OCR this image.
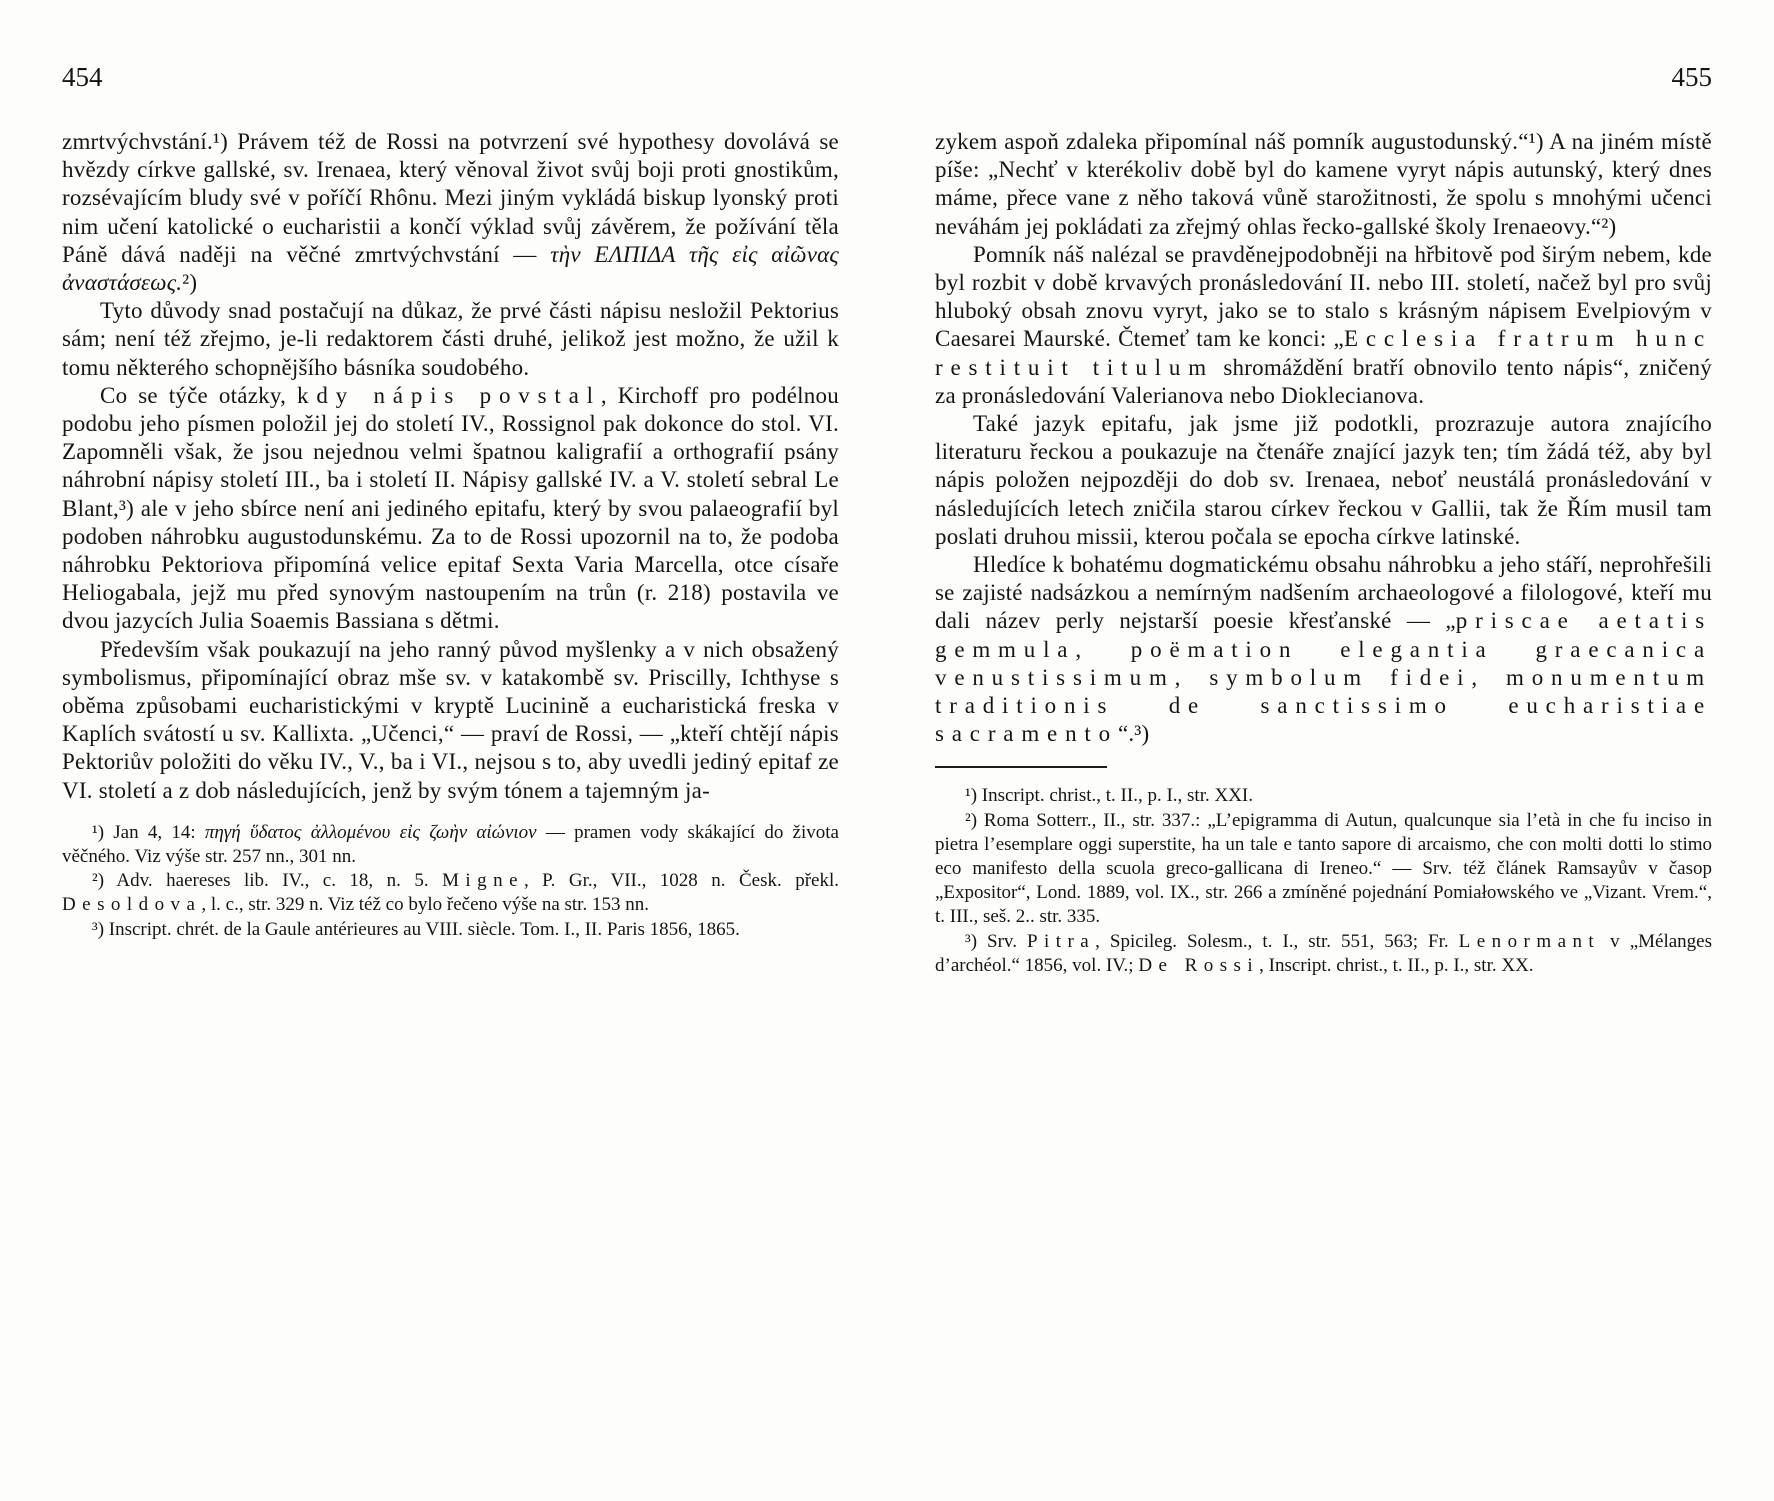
454	455

zmrtvýchvstání.¹) Právem též de Rossi na potvrzení své hypothesy dovolává se hvězdy církve gallské, sv. Irenaea, který věnoval život svůj boji proti gnostikům, rozsévajícím bludy své v poříčí Rhônu. Mezi jiným vykládá biskup lyonský proti nim učení katolické o eucharistii a končí výklad svůj závěrem, že požívání těla Páně dává naději na věčné zmrtvýchvstání — τὴν ΕΛΠΙΔΑ τῆς εἰς αἰῶνας ἀναστάσεως.²)

Tyto důvody snad postačují na důkaz, že prvé části nápisu nesložil Pektorius sám; není též zřejmo, je-li redaktorem části druhé, jelikož jest možno, že užil k tomu některého schopnějšího básníka soudobého.

Co se týče otázky, kdy nápis povstal, Kirchoff pro podélnou podobu jeho písmen položil jej do století IV., Rossignol pak dokonce do stol. VI. Zapomněli však, že jsou nejednou velmi špatnou kaligrafií a orthografií psány náhrobní nápisy století III., ba i století II. Nápisy gallské IV. a V. století sebral Le Blant,³) ale v jeho sbírce není ani jediného epitafu, který by svou palaeografií byl podoben náhrobku augustodunskému. Za to de Rossi upozornil na to, že podoba náhrobku Pektoriova připomíná velice epitaf Sexta Varia Marcella, otce císaře Heliogabala, jejž mu před synovým nastoupením na trůn (r. 218) postavila ve dvou jazycích Julia Soaemis Bassiana s dětmi.

Především však poukazují na jeho ranný původ myšlenky a v nich obsažený symbolismus, připomínající obraz mše sv. v katakombě sv. Priscilly, Ichthyse s oběma způsobami eucharistickými v kryptě Lucinině a eucharistická freska v Kaplích svátostí u sv. Kallixta. „Učenci,“ — praví de Rossi, — „kteří chtějí nápis Pektoriův položiti do věku IV., V., ba i VI., nejsou s to, aby uvedli jediný epitaf ze VI. století a z dob následujících, jenž by svým tónem a tajemným ja-

¹) Jan 4, 14: πηγή ὕδατος ἀλλομένου εἰς ζωὴν αἰώνιον — pramen vody skákající do života věčného. Viz výše str. 257 nn., 301 nn.

²) Adv. haereses lib. IV., c. 18, n. 5. Migne, P. Gr., VII., 1028 n. Česk. překl. Desoldova, l. c., str. 329 n. Viz též co bylo řečeno výše na str. 153 nn.

³) Inscript. chrét. de la Gaule antérieures au VIII. siècle. Tom. I., II. Paris 1856, 1865.

zykem aspoň zdaleka připomínal náš pomník augustodunský.“¹) A na jiném místě píše: „Nechť v kterékoliv době byl do kamene vyryt nápis autunský, který dnes máme, přece vane z něho taková vůně starožitnosti, že spolu s mnohými učenci neváhám jej pokládati za zřejmý ohlas řecko-gallské školy Irenaeovy.“²)

Pomník náš nalézal se pravděnejpodobněji na hřbitově pod širým nebem, kde byl rozbit v době krvavých pronásledování II. nebo III. století, načež byl pro svůj hluboký obsah znovu vyryt, jako se to stalo s krásným nápisem Evelpiovým v Caesarei Maurské. Čtemeť tam ke konci: „Ecclesia fratrum hunc restituit titulum shromáždění bratří obnovilo tento nápis“, zničený za pronásledování Valerianova nebo Dioklecianova.

Také jazyk epitafu, jak jsme již podotkli, prozrazuje autora znajícího literaturu řeckou a poukazuje na čtenáře znající jazyk ten; tím žádá též, aby byl nápis položen nejpozději do dob sv. Irenaea, neboť neustálá pronásledování v následujících letech zničila starou církev řeckou v Gallii, tak že Řím musil tam poslati druhou missii, kterou počala se epocha církve latinské.

Hledíce k bohatému dogmatickému obsahu náhrobku a jeho stáří, neprohřešili se zajisté nadsázkou a nemírným nadšením archaeologové a filologové, kteří mu dali název perly nejstarší poesie křesťanské — „priscae aetatis gemmula, poëmation elegantia graecanica venustissimum, symbolum fidei, monumentum traditionis de sanctissimo eucharistiae sacramento“.³)

¹) Inscript. christ., t. II., p. I., str. XXI.

²) Roma Sotterr., II., str. 337.: „L’epigramma di Autun, qualcunque sia l’età in che fu inciso in pietra l’esemplare oggi superstite, ha un tale e tanto sapore di arcaismo, che con molti dotti lo stimo eco manifesto della scuola greco-gallicana di Ireneo.“ — Srv. též článek Ramsayův v časop „Expositor“, Lond. 1889, vol. IX., str. 266 a zmíněné pojednání Pomiałowského ve „Vizant. Vrem.“, t. III., seš. 2.. str. 335.

³) Srv. Pitra, Spicileg. Solesm., t. I., str. 551, 563; Fr. Lenormant v „Mélanges d’archéol.“ 1856, vol. IV.; De Rossi, Inscript. christ., t. II., p. I., str. XX.
